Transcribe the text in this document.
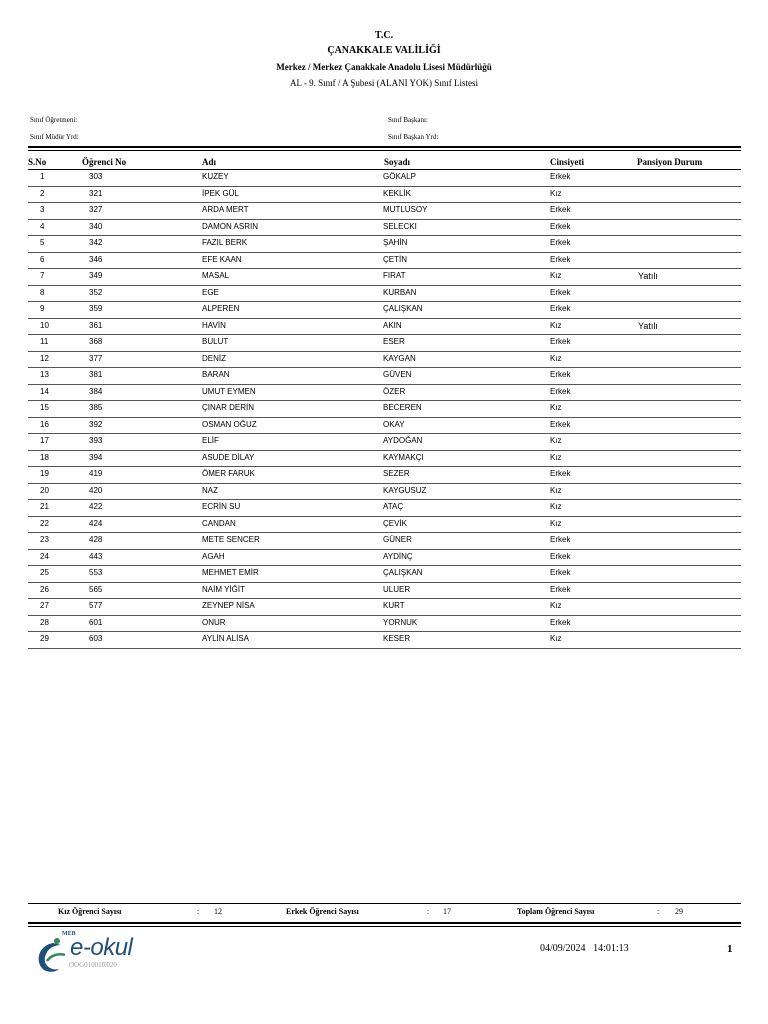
T.C.
ÇANAKKALE VALİLİĞİ
Merkez / Merkez Çanakkale Anadolu Lisesi Müdürlüğü
AL - 9. Sınıf / A Şubesi (ALANI YOK) Sınıf Listesi
Sınıf Öğretmeni:
Sınıf Müdür Yrd:
Sınıf Başkanı:
Sınıf Başkan Yrd:
S.No	Öğrenci No	Adı	Soyadı	Cinsiyeti	Pansiyon Durum
1	303	KUZEY	GÖKALP	Erkek
2	321	İPEK GÜL	KEKLİK	Kız
3	327	ARDA MERT	MUTLUSOY	Erkek
4	340	DAMON ASRIN	SELECKI	Erkek
5	342	FAZIL BERK	ŞAHİN	Erkek
6	346	EFE KAAN	ÇETİN	Erkek
7	349	MASAL	FIRAT	Kız	Yatılı
8	352	EGE	KURBAN	Erkek
9	359	ALPEREN	ÇALIŞKAN	Erkek
10	361	HAVİN	AKIN	Kız	Yatılı
11	368	BULUT	ESER	Erkek
12	377	DENİZ	KAYGAN	Kız
13	381	BARAN	GÜVEN	Erkek
14	384	UMUT EYMEN	ÖZER	Erkek
15	385	ÇINAR DERİN	BECEREN	Kız
16	392	OSMAN OĞUZ	OKAY	Erkek
17	393	ELİF	AYDOĞAN	Kız
18	394	ASUDE DİLAY	KAYMAKÇI	Kız
19	419	ÖMER FARUK	SEZER	Erkek
20	420	NAZ	KAYGUSUZ	Kız
21	422	ECRİN SU	ATAÇ	Kız
22	424	CANDAN	ÇEVİK	Kız
23	428	METE SENCER	GÜNER	Erkek
24	443	AGAH	AYDİNÇ	Erkek
25	553	MEHMET EMİR	ÇALIŞKAN	Erkek
26	565	NAİM YİĞİT	ULUER	Erkek
27	577	ZEYNEP NİSA	KURT	Kız
28	601	ONUR	YORNUK	Erkek
29	603	AYLİN ALİSA	KESER	Kız
Kız Öğrenci Sayısı	: 12	Erkek Öğrenci Sayısı	: 17	Toplam Öğrenci Sayısı	: 29
MEB
e-okul
OOG01001R020
04/09/2024 14:01:13	1
